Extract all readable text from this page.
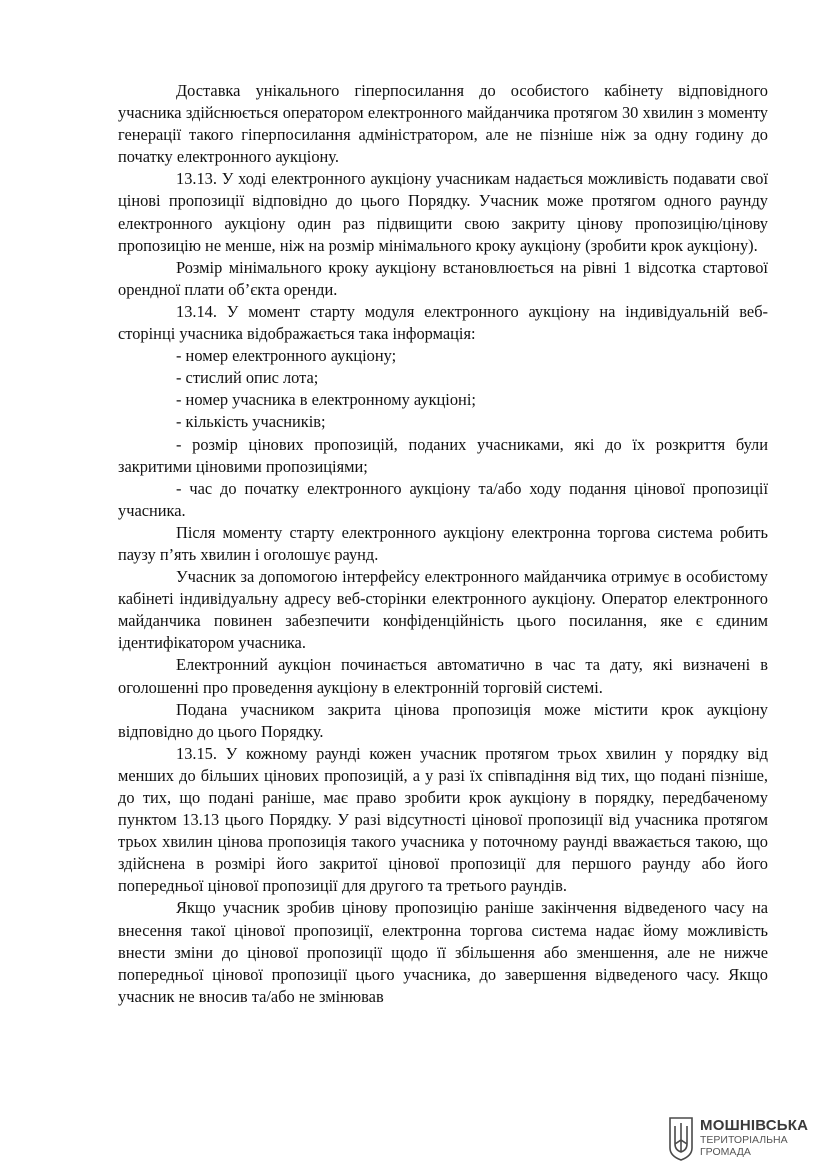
Доставка унікального гіперпосилання до особистого кабінету відповідного учасника здійснюється оператором електронного майданчика протягом 30 хвилин з моменту генерації такого гіперпосилання адміністратором, але не пізніше ніж за одну годину до початку електронного аукціону.

13.13. У ході електронного аукціону учасникам надається можливість подавати свої цінові пропозиції відповідно до цього Порядку. Учасник може протягом одного раунду електронного аукціону один раз підвищити свою закриту цінову пропозицію/цінову пропозицію не менше, ніж на розмір мінімального кроку аукціону (зробити крок аукціону).

Розмір мінімального кроку аукціону встановлюється на рівні 1 відсотка стартової орендної плати об’єкта оренди.

13.14. У момент старту модуля електронного аукціону на індивідуальній веб-сторінці учасника відображається така інформація:

- номер електронного аукціону;

- стислий опис лота;

- номер учасника в електронному аукціоні;

- кількість учасників;

- розмір цінових пропозицій, поданих учасниками, які до їх розкриття були закритими ціновими пропозиціями;

- час до початку електронного аукціону та/або ходу подання цінової пропозиції учасника.

Після моменту старту електронного аукціону електронна торгова система робить паузу п’ять хвилин і оголошує раунд.

Учасник за допомогою інтерфейсу електронного майданчика отримує в особистому кабінеті індивідуальну адресу веб-сторінки електронного аукціону. Оператор електронного майданчика повинен забезпечити конфіденційність цього посилання, яке є єдиним ідентифікатором учасника.

Електронний аукціон починається автоматично в час та дату, які визначені в оголошенні про проведення аукціону в електронній торговій системі.

Подана учасником закрита цінова пропозиція може містити крок аукціону відповідно до цього Порядку.

13.15. У кожному раунді кожен учасник протягом трьох хвилин у порядку від менших до більших цінових пропозицій, а у разі їх співпадіння від тих, що подані пізніше, до тих, що подані раніше, має право зробити крок аукціону в порядку, передбаченому пунктом 13.13 цього Порядку. У разі відсутності цінової пропозиції від учасника протягом трьох хвилин цінова пропозиція такого учасника у поточному раунді вважається такою, що здійснена в розмірі його закритої цінової пропозиції для першого раунду або його попередньої цінової пропозиції для другого та третього раундів.

Якщо учасник зробив цінову пропозицію раніше закінчення відведеного часу на внесення такої цінової пропозиції, електронна торгова система надає йому можливість внести зміни до цінової пропозиції щодо її збільшення або зменшення, але не нижче попередньої цінової пропозиції цього учасника, до завершення відведеного часу. Якщо учасник не вносив та/або не змінював

МОШНІВСЬКА
ТЕРИТОРІАЛЬНА
ГРОМАДА
